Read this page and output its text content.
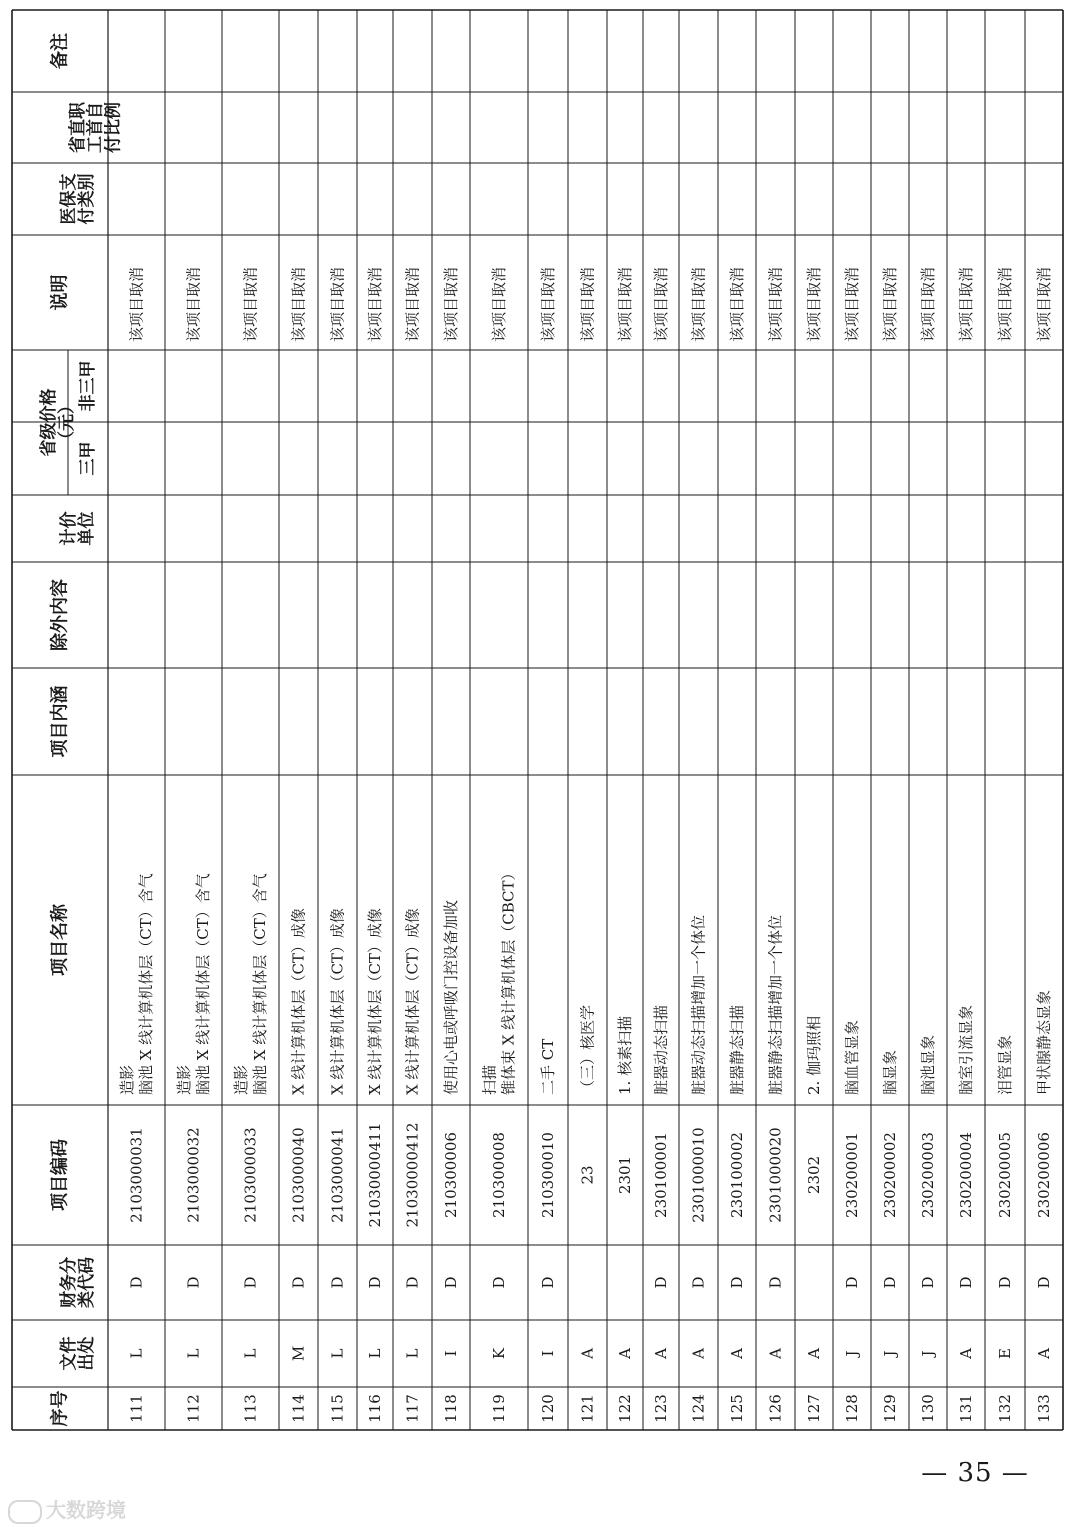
备注
省直职工首自付比例
医保支付类别
说明
省级价格（元）
非三甲
三甲
计价单位
除外内容
项目内涵
项目名称
项目编码
财务分类代码
文件出处
序号	111
L
D
2103000031
脑池 X 线计算机体层（CT）含气
造影
该项目取消
112
L
D
2103000032
脑池 X 线计算机体层（CT）含气
造影
该项目取消
113
L
D
2103000033
脑池 X 线计算机体层（CT）含气
造影
该项目取消
114
M
D
2103000040
X 线计算机体层（CT）成像
该项目取消
115
L
D
2103000041
X 线计算机体层（CT）成像
该项目取消
116
L
D
21030000411
X 线计算机体层（CT）成像
该项目取消
117
L
D
21030000412
X 线计算机体层（CT）成像
该项目取消
118
I
D
210300006
使用心电或呼吸门控设备加收
该项目取消
119
K
D
210300008
锥体束 X 线计算机体层（CBCT）
扫描
该项目取消
120
I
D
210300010
二手 CT
该项目取消
121
A
23
（三）核医学
该项目取消
122
A
2301
1. 核素扫描
该项目取消
123
A
D
230100001
脏器动态扫描
该项目取消
124
A
D
2301000010
脏器动态扫描增加一个体位
该项目取消
125
A
D
230100002
脏器静态扫描
该项目取消
126
A
D
2301000020
脏器静态扫描增加一个体位
该项目取消
127
A
2302
2. 伽玛照相
该项目取消
128
J
D
230200001
脑血管显象
该项目取消
129
J
D
230200002
脑显象
该项目取消
130
J
D
230200003
脑池显象
该项目取消
131
A
D
230200004
脑室引流显象
该项目取消
132
E
D
230200005
泪管显象
该项目取消
133
A
D
230200006
甲状腺静态显象
该项目取消
— 35 —
大数跨境
